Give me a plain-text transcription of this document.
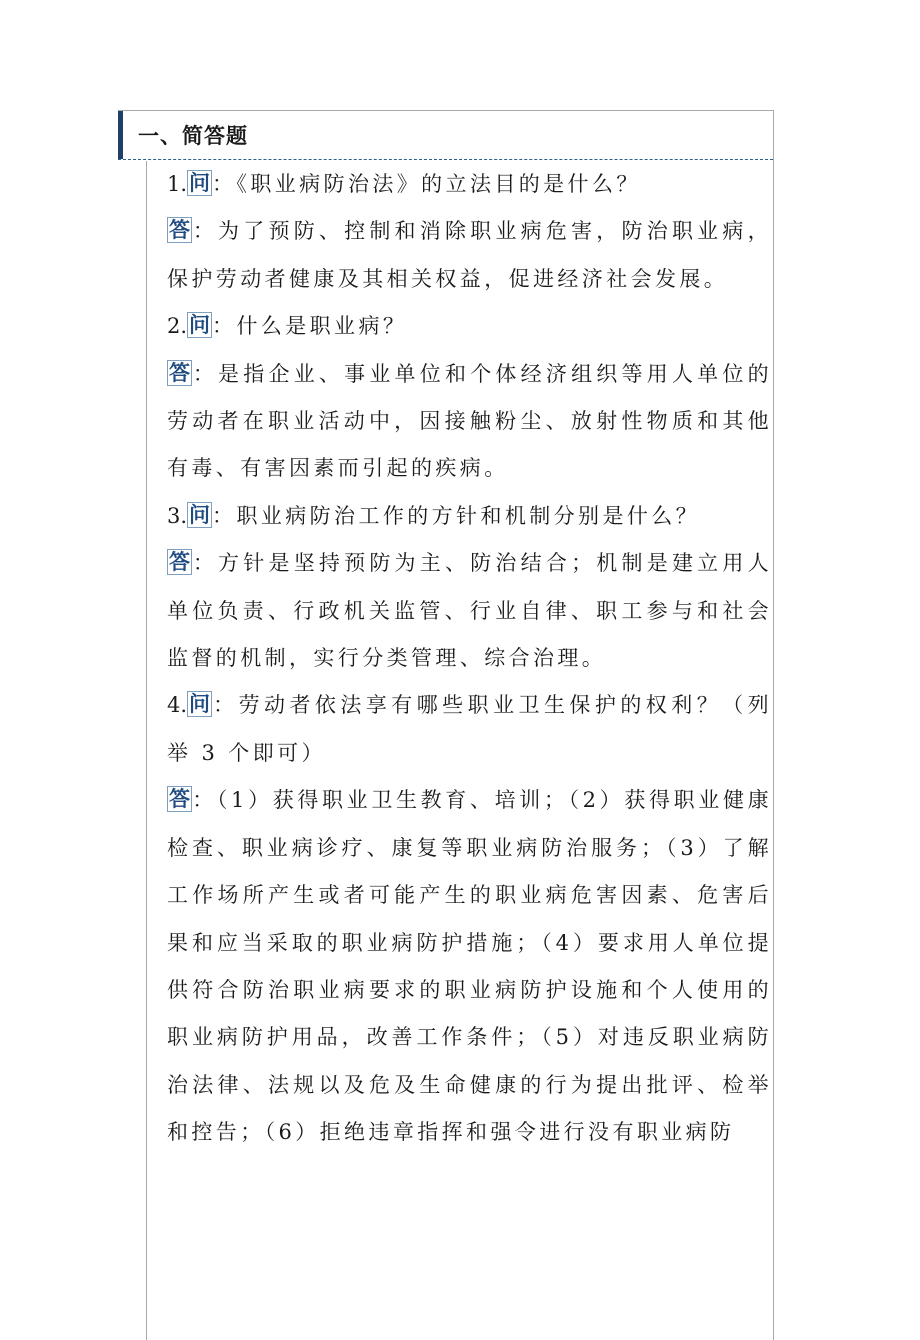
一、简答题

1.问：《职业病防治法》的立法目的是什么？

答：为了预防、控制和消除职业病危害，防治职业病，保护劳动者健康及其相关权益，促进经济社会发展。

2.问：什么是职业病？

答：是指企业、事业单位和个体经济组织等用人单位的劳动者在职业活动中，因接触粉尘、放射性物质和其他有毒、有害因素而引起的疾病。

3.问：职业病防治工作的方针和机制分别是什么？

答：方针是坚持预防为主、防治结合；机制是建立用人单位负责、行政机关监管、行业自律、职工参与和社会监督的机制，实行分类管理、综合治理。

4.问：劳动者依法享有哪些职业卫生保护的权利？（列举 3 个即可）

答：（1）获得职业卫生教育、培训；（2）获得职业健康检查、职业病诊疗、康复等职业病防治服务；（3）了解工作场所产生或者可能产生的职业病危害因素、危害后果和应当采取的职业病防护措施；（4）要求用人单位提供符合防治职业病要求的职业病防护设施和个人使用的职业病防护用品，改善工作条件；（5）对违反职业病防治法律、法规以及危及生命健康的行为提出批评、检举和控告；（6）拒绝违章指挥和强令进行没有职业病防
